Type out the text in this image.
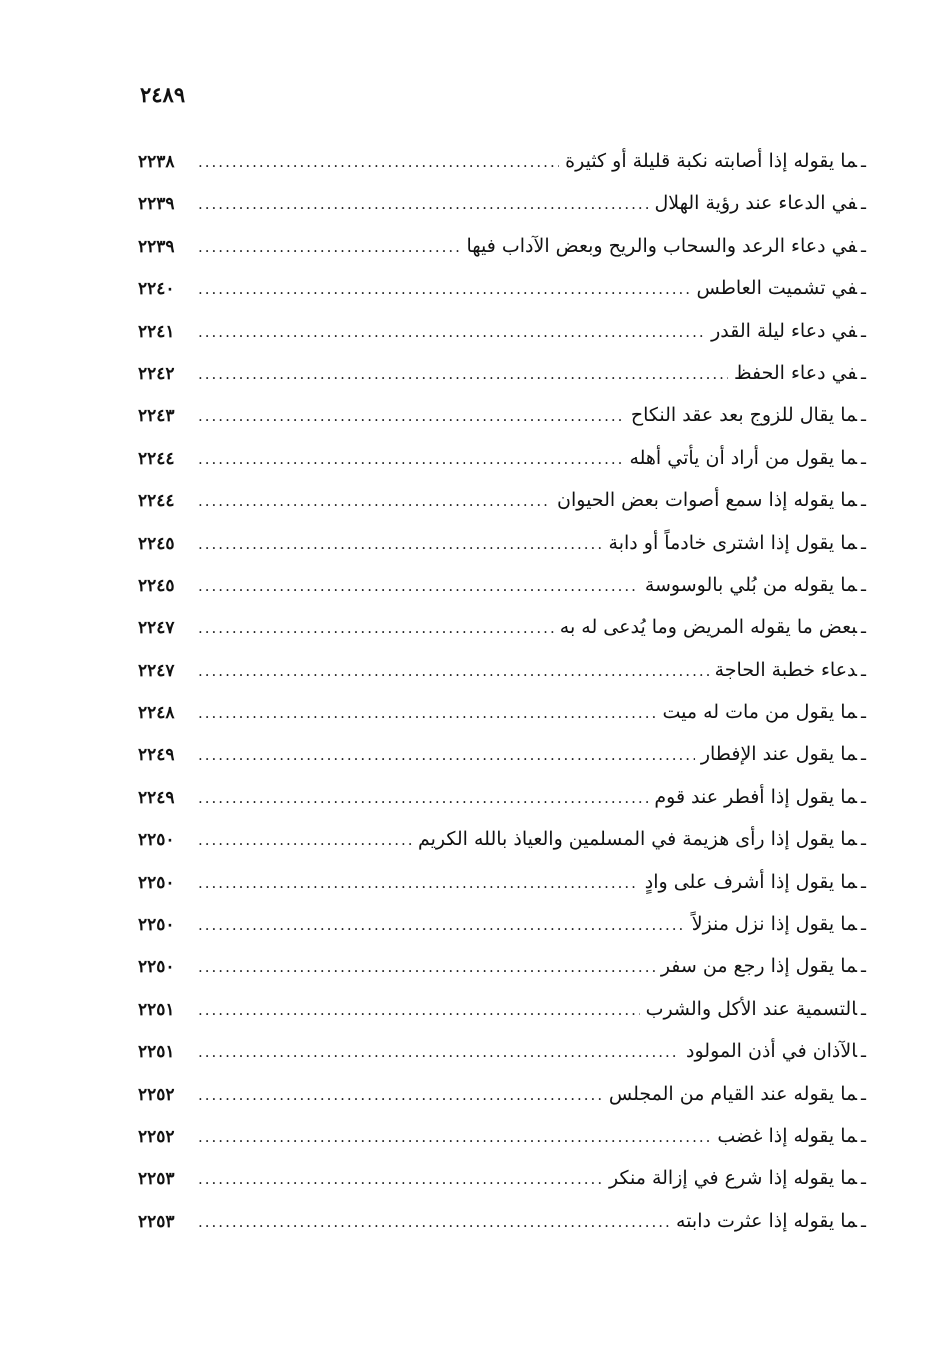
٢٤٨٩
ـما يقوله إذا أصابته نكبة قليلة أو كثيرة
.....
٢٢٣٨
ـفي الدعاء عند رؤية الهلال
.....
٢٢٣٩
ـفي دعاء الرعد والسحاب والريح وبعض الآداب فيها
.....
٢٢٣٩
ـفي تشميت العاطس
.....
٢٢٤٠
ـفي دعاء ليلة القدر
.....
٢٢٤١
ـفي دعاء الحفظ
.....
٢٢٤٢
ـما يقال للزوج بعد عقد النكاح
.....
٢٢٤٣
ـما يقول من أراد أن يأتي أهله
.....
٢٢٤٤
ـما يقوله إذا سمع أصوات بعض الحيوان
.....
٢٢٤٤
ـما يقول إذا اشترى خادماً أو دابة
.....
٢٢٤٥
ـما يقوله من بُلي بالوسوسة
.....
٢٢٤٥
ـبعض ما يقوله المريض وما يُدعى له به
.....
٢٢٤٧
ـدعاء خطبة الحاجة
.....
٢٢٤٧
ـما يقول من مات له ميت
.....
٢٢٤٨
ـما يقول عند الإفطار
.....
٢٢٤٩
ـما يقول إذا أفطر عند قوم
.....
٢٢٤٩
ـما يقول إذا رأى هزيمة في المسلمين والعياذ بالله الكريم
.....
٢٢٥٠
ـما يقول إذا أشرف على وادٍ
.....
٢٢٥٠
ـما يقول إذا نزل منزلاً
.....
٢٢٥٠
ـما يقول إذا رجع من سفر
.....
٢٢٥٠
ـالتسمية عند الأكل والشرب
.....
٢٢٥١
ـالآذان في أذن المولود
.....
٢٢٥١
ـما يقوله عند القيام من المجلس
.....
٢٢٥٢
ـما يقوله إذا غضب
.....
٢٢٥٢
ـما يقوله إذا شرع في إزالة منكر
.....
٢٢٥٣
ـما يقوله إذا عثرت دابته
.....
٢٢٥٣
